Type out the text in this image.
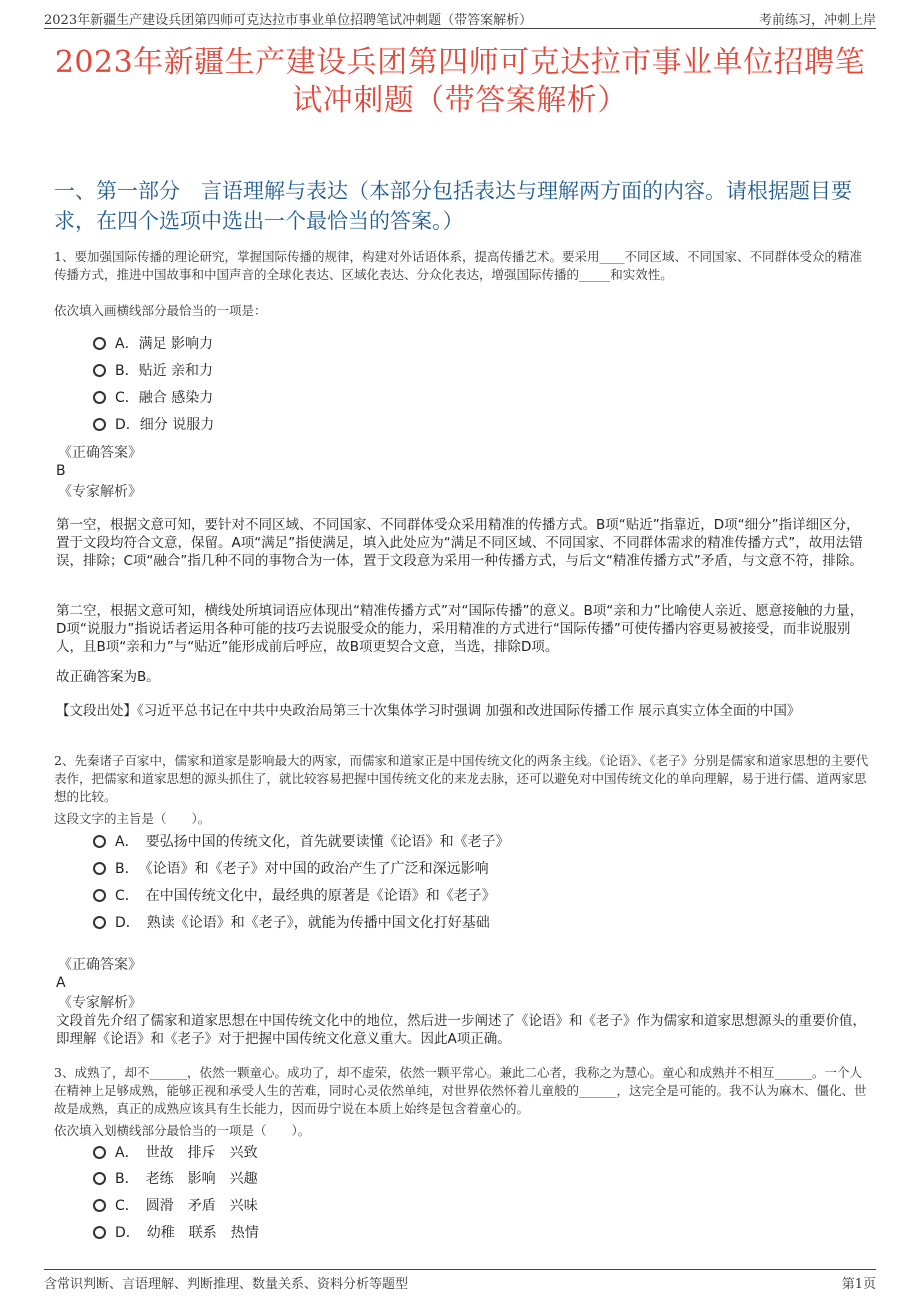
2023年新疆生产建设兵团第四师可克达拉市事业单位招聘笔试冲刺题（带答案解析）	考前练习，冲刺上岸
2023年新疆生产建设兵团第四师可克达拉市事业单位招聘笔试冲刺题（带答案解析）
一、第一部分　言语理解与表达（本部分包括表达与理解两方面的内容。请根据题目要求，在四个选项中选出一个最恰当的答案。）
1、要加强国际传播的理论研究，掌握国际传播的规律，构建对外话语体系，提高传播艺术。要采用____不同区域、不同国家、不同群体受众的精准传播方式，推进中国故事和中国声音的全球化表达、区域化表达、分众化表达，增强国际传播的_____和实效性。
依次填入画横线部分最恰当的一项是：
A．满足 影响力
B．贴近 亲和力
C．融合 感染力
D．细分 说服力
《正确答案》
B
《专家解析》
第一空，根据文意可知，要针对不同区域、不同国家、不同群体受众采用精准的传播方式。B项“贴近”指靠近，D项“细分”指详细区分，置于文段均符合文意，保留。A项“满足”指使满足，填入此处应为“满足不同区域、不同国家、不同群体需求的精准传播方式”，故用法错误，排除；C项“融合”指几种不同的事物合为一体，置于文段意为采用一种传播方式，与后文“精准传播方式”矛盾，与文意不符，排除。
第二空，根据文意可知，横线处所填词语应体现出“精准传播方式”对“国际传播”的意义。B项“亲和力”比喻使人亲近、愿意接触的力量，D项“说服力”指说话者运用各种可能的技巧去说服受众的能力，采用精准的方式进行“国际传播”可使传播内容更易被接受，而非说服别人，且B项“亲和力”与“贴近”能形成前后呼应，故B项更契合文意，当选，排除D项。
故正确答案为B。
【文段出处】《习近平总书记在中共中央政治局第三十次集体学习时强调 加强和改进国际传播工作 展示真实立体全面的中国》
2、先秦诸子百家中，儒家和道家是影响最大的两家，而儒家和道家正是中国传统文化的两条主线。《论语》、《老子》分别是儒家和道家思想的主要代表作，把儒家和道家思想的源头抓住了，就比较容易把握中国传统文化的来龙去脉，还可以避免对中国传统文化的单向理解，易于进行儒、道两家思想的比较。
这段文字的主旨是（　　）。
A．　要弘扬中国的传统文化，首先就要读懂《论语》和《老子》
B．　《论语》和《老子》对中国的政治产生了广泛和深远影响
C．　在中国传统文化中，最经典的原著是《论语》和《老子》
D．　熟读《论语》和《老子》，就能为传播中国文化打好基础
《正确答案》
A
《专家解析》
文段首先介绍了儒家和道家思想在中国传统文化中的地位，然后进一步阐述了《论语》和《老子》作为儒家和道家思想源头的重要价值，即理解《论语》和《老子》对于把握中国传统文化意义重大。因此A项正确。
3、成熟了，却不______，依然一颗童心。成功了，却不虚荣，依然一颗平常心。兼此二心者，我称之为慧心。童心和成熟并不相互______。一个人在精神上足够成熟，能够正视和承受人生的苦难，同时心灵依然单纯，对世界依然怀着儿童般的______，这完全是可能的。我不认为麻木、僵化、世故是成熟，真正的成熟应该具有生长能力，因而毋宁说在本质上始终是包含着童心的。
依次填入划横线部分最恰当的一项是（　　）。
A．　世故　排斥　兴致
B．　老练　影响　兴趣
C．　圆滑　矛盾　兴味
D．　幼稚　联系　热情
含常识判断、言语理解、判断推理、数量关系、资料分析等题型	第1页
